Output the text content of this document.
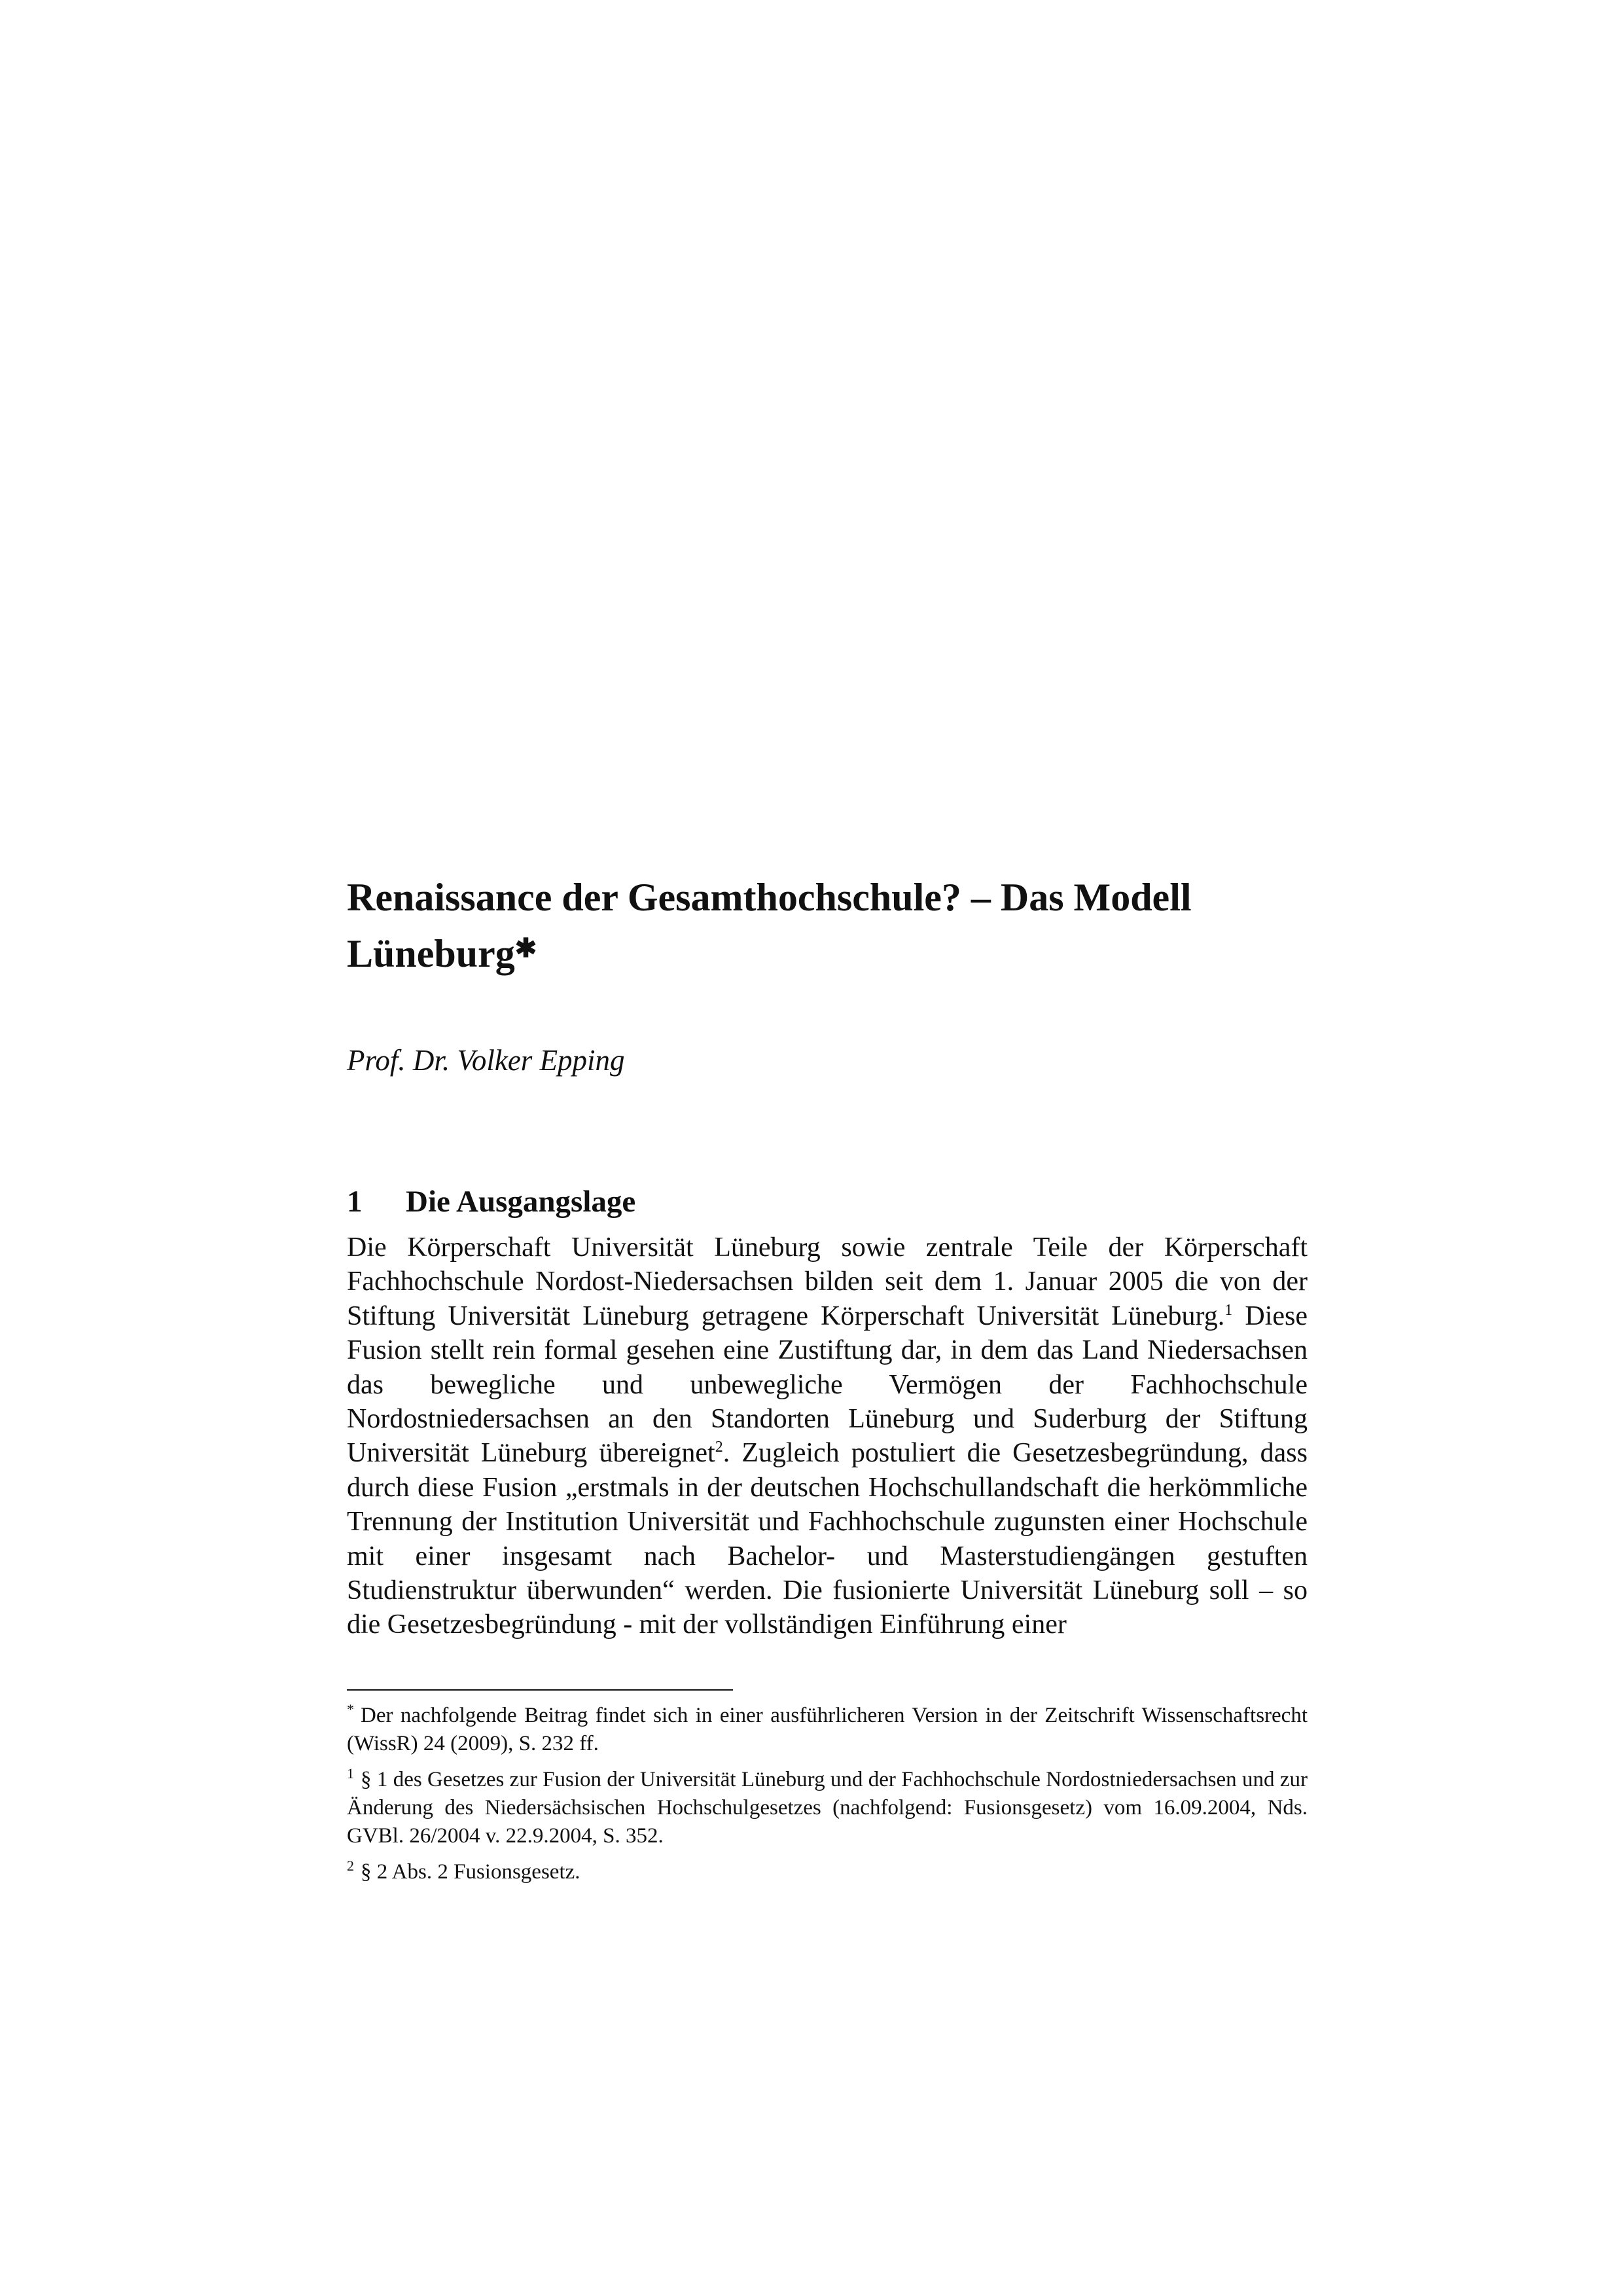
Renaissance der Gesamthochschule? – Das Modell Lüneburg✱

Prof. Dr. Volker Epping

1 Die Ausgangslage

Die Körperschaft Universität Lüneburg sowie zentrale Teile der Körperschaft Fachhochschule Nordost-Niedersachsen bilden seit dem 1. Januar 2005 die von der Stiftung Universität Lüneburg getragene Körperschaft Universität Lüneburg.$^1$ Diese Fusion stellt rein formal gesehen eine Zustiftung dar, in dem das Land Niedersachsen das bewegliche und unbewegliche Vermögen der Fachhochschule Nordostniedersachsen an den Standorten Lüneburg und Suderburg der Stiftung Universität Lüneburg übereignet$^2$. Zugleich postuliert die Gesetzesbegründung, dass durch diese Fusion „erstmals in der deutschen Hochschullandschaft die herkömmliche Trennung der Institution Universität und Fachhochschule zugunsten einer Hochschule mit einer insgesamt nach Bachelor- und Masterstudiengängen gestuften Studienstruktur überwunden“ werden. Die fusionierte Universität Lüneburg soll – so die Gesetzesbegründung - mit der vollständigen Einführung einer

* Der nachfolgende Beitrag findet sich in einer ausführlicheren Version in der Zeitschrift Wissenschaftsrecht (WissR) 24 (2009), S. 232 ff.

$^1$ § 1 des Gesetzes zur Fusion der Universität Lüneburg und der Fachhochschule Nordostniedersachsen und zur Änderung des Niedersächsischen Hochschulgesetzes (nachfolgend: Fusionsgesetz) vom 16.09.2004, Nds. GVBl. 26/2004 v. 22.9.2004, S. 352.

$^2$ § 2 Abs. 2 Fusionsgesetz.
